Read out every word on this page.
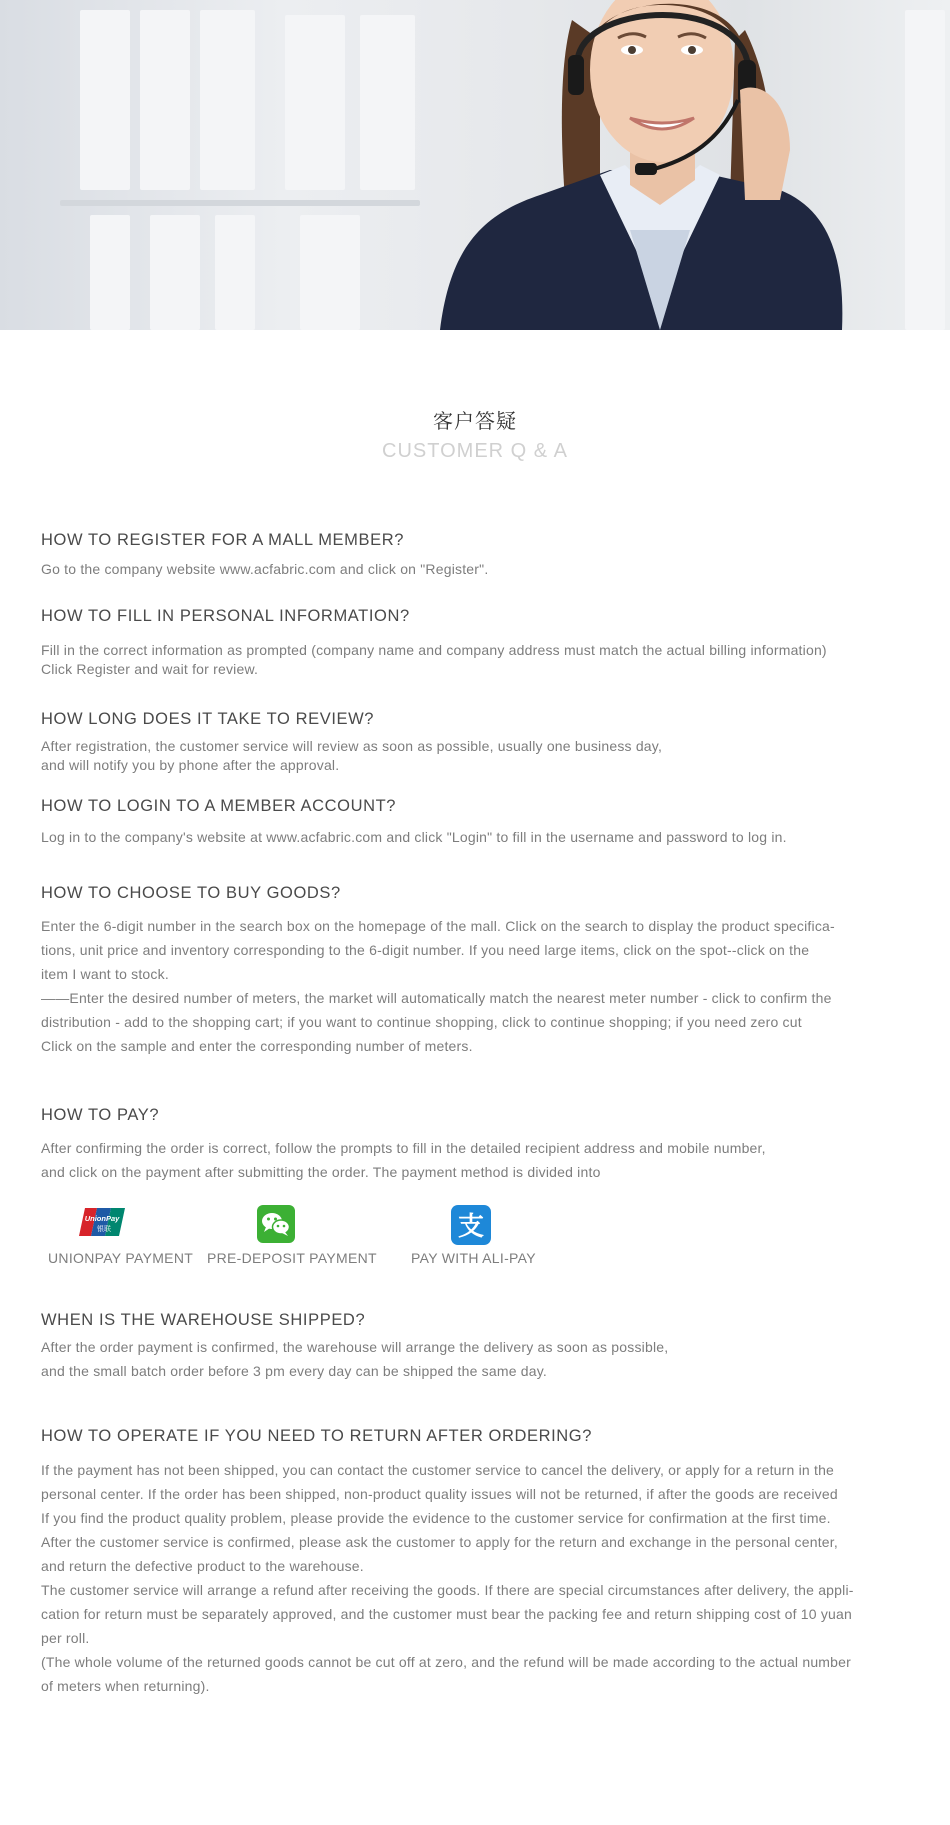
客户答疑
CUSTOMER Q & A
HOW TO REGISTER FOR A MALL MEMBER?
Go to the company website www.acfabric.com and click on "Register".
HOW TO FILL IN PERSONAL INFORMATION?
Fill in the correct information as prompted (company name and company address must match the actual billing information)
Click Register and wait for review.
HOW LONG DOES IT TAKE TO REVIEW?
After registration, the customer service will review as soon as possible, usually one business day,
and will notify you by phone after the approval.
HOW TO LOGIN TO A MEMBER ACCOUNT?
Log in to the company's website at www.acfabric.com and click "Login" to fill in the username and password to log in.
HOW TO CHOOSE TO BUY GOODS?
Enter the 6-digit number in the search box on the homepage of the mall. Click on the search to display the product specifica-
tions, unit price and inventory corresponding to the 6-digit number. If you need large items, click on the spot--click on the
item I want to stock.
——Enter the desired number of meters, the market will automatically match the nearest meter number - click to confirm the
distribution - add to the shopping cart; if you want to continue shopping, click to continue shopping; if you need zero cut
Click on the sample and enter the corresponding number of meters.
HOW TO PAY?
After confirming the order is correct, follow the prompts to fill in the detailed recipient address and mobile number,
and click on the payment after submitting the order. The payment method is divided into
UnionPay
银联
UNIONPAY PAYMENT PRE-DEPOSIT PAYMENT
支
PAY WITH ALI-PAY
WHEN IS THE WAREHOUSE SHIPPED?
After the order payment is confirmed, the warehouse will arrange the delivery as soon as possible,
and the small batch order before 3 pm every day can be shipped the same day.
HOW TO OPERATE IF YOU NEED TO RETURN AFTER ORDERING?
If the payment has not been shipped, you can contact the customer service to cancel the delivery, or apply for a return in the
personal center. If the order has been shipped, non-product quality issues will not be returned, if after the goods are received
If you find the product quality problem, please provide the evidence to the customer service for confirmation at the first time.
After the customer service is confirmed, please ask the customer to apply for the return and exchange in the personal center,
and return the defective product to the warehouse.
The customer service will arrange a refund after receiving the goods. If there are special circumstances after delivery, the appli-
cation for return must be separately approved, and the customer must bear the packing fee and return shipping cost of 10 yuan
per roll.
(The whole volume of the returned goods cannot be cut off at zero, and the refund will be made according to the actual number
of meters when returning).
